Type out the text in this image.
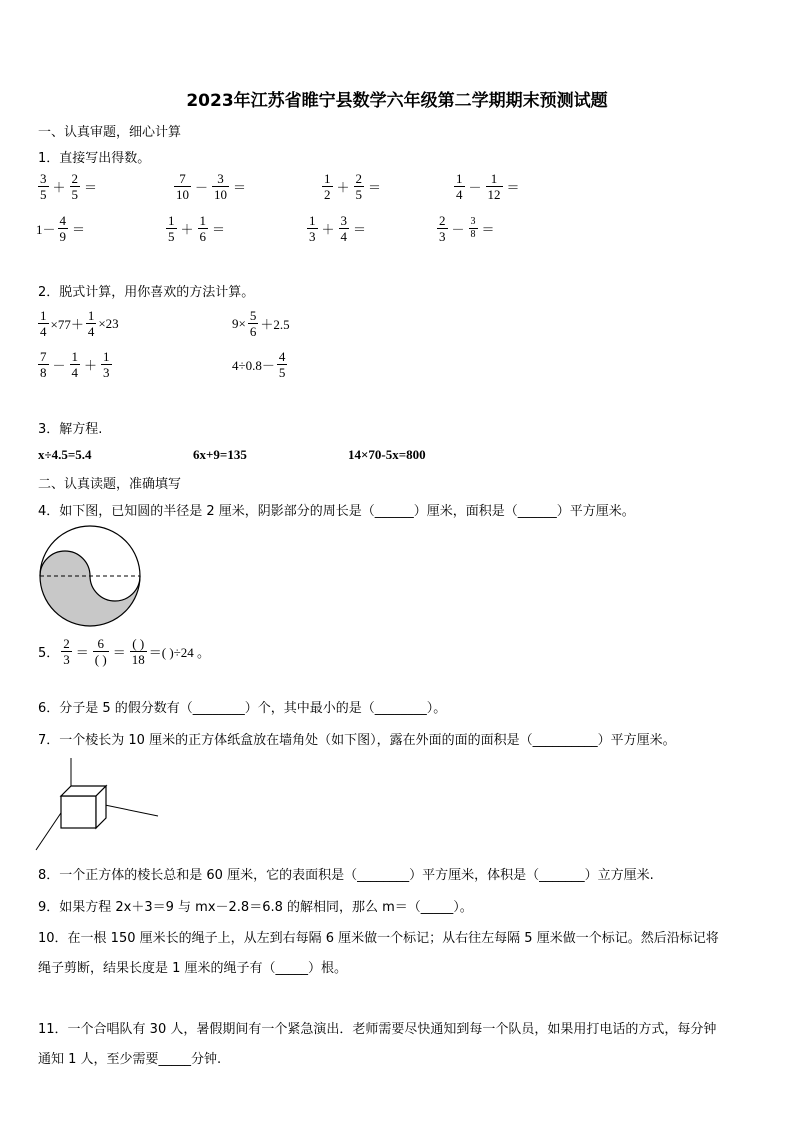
2023年江苏省睢宁县数学六年级第二学期期末预测试题
一、认真审题，细心计算
1．直接写出得数。
$\frac{3}{5} + \frac{2}{5}$ ＝	$\frac{7}{10} - \frac{3}{10}$ ＝	$\frac{1}{2} + \frac{2}{5}$ ＝	$\frac{1}{4} - \frac{1}{12}$ ＝
$1- \frac{4}{9}$ ＝	$\frac{1}{5} + \frac{1}{6}$ ＝	$\frac{1}{3} + \frac{3}{4}$ ＝	$\frac{2}{3} - \frac{3}{8}$ ＝
2．脱式计算，用你喜欢的方法计算。
$\frac{1}{4} \times 77+ \frac{1}{4} \times 23$	$9\times \frac{5}{6} +2.5$
$\frac{7}{8} - \frac{1}{4} + \frac{1}{3}$	$4\div 0.8- \frac{4}{5}$
3．解方程.
x÷4.5=5.4	6x+9=135	14×70-5x=800
二、认真读题，准确填写
4．如下图，已知圆的半径是 2 厘米，阴影部分的周长是（______）厘米，面积是（______）平方厘米。
5． $\frac{2}{3} = \frac{6}{( )} = \frac{( )}{18}$ ＝( )÷24 。
6．分子是 5 的假分数有（________）个，其中最小的是（________）。
7．一个棱长为 10 厘米的正方体纸盒放在墙角处（如下图），露在外面的面的面积是（__________）平方厘米。
8．一个正方体的棱长总和是 60 厘米，它的表面积是（________）平方厘米，体积是（_______）立方厘米.
9．如果方程 2x＋3＝9 与 mx－2.8＝6.8 的解相同，那么 m＝（_____）。
10．在一根 150 厘米长的绳子上，从左到右每隔 6 厘米做一个标记；从右往左每隔 5 厘米做一个标记。然后沿标记将
绳子剪断，结果长度是 1 厘米的绳子有（_____）根。
11．一个合唱队有 30 人，暑假期间有一个紧急演出．老师需要尽快通知到每一个队员，如果用打电话的方式，每分钟
通知 1 人，至少需要_____分钟.
